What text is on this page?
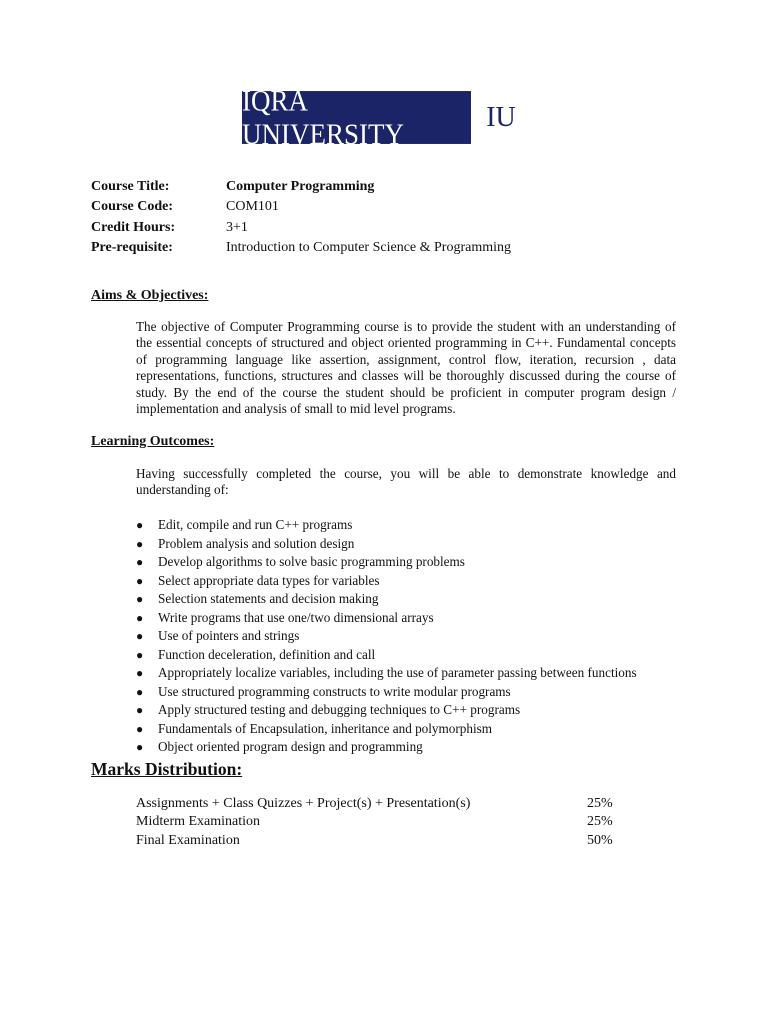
IQRA UNIVERSITY
IU
Course Title:	Computer Programming
Course Code:	COM101
Credit Hours:	3+1
Pre-requisite:	Introduction to Computer Science & Programming
Aims & Objectives:
The objective of Computer Programming course is to provide the student with an understanding of the essential concepts of structured and object oriented programming in C++. Fundamental concepts of programming language like assertion, assignment, control flow, iteration, recursion , data representations, functions, structures and classes will be thoroughly discussed during the course of study. By the end of the course the student should be proficient in computer program design / implementation and analysis of small to mid level programs.
Learning Outcomes:
Having successfully completed the course, you will be able to demonstrate knowledge and understanding of:
●	Edit, compile and run C++ programs
●	Problem analysis and solution design
●	Develop algorithms to solve basic programming problems
●	Select appropriate data types for variables
●	Selection statements and decision making
●	Write programs that use one/two dimensional arrays
●	Use of pointers and strings
●	Function deceleration, definition and call
●	Appropriately localize variables, including the use of parameter passing between functions
●	Use structured programming constructs to write modular programs
●	Apply structured testing and debugging techniques to C++ programs
●	Fundamentals of Encapsulation, inheritance and polymorphism
●	Object oriented program design and programming
Marks Distribution:
Assignments + Class Quizzes + Project(s) + Presentation(s)	25%
Midterm Examination	25%
Final Examination	50%
